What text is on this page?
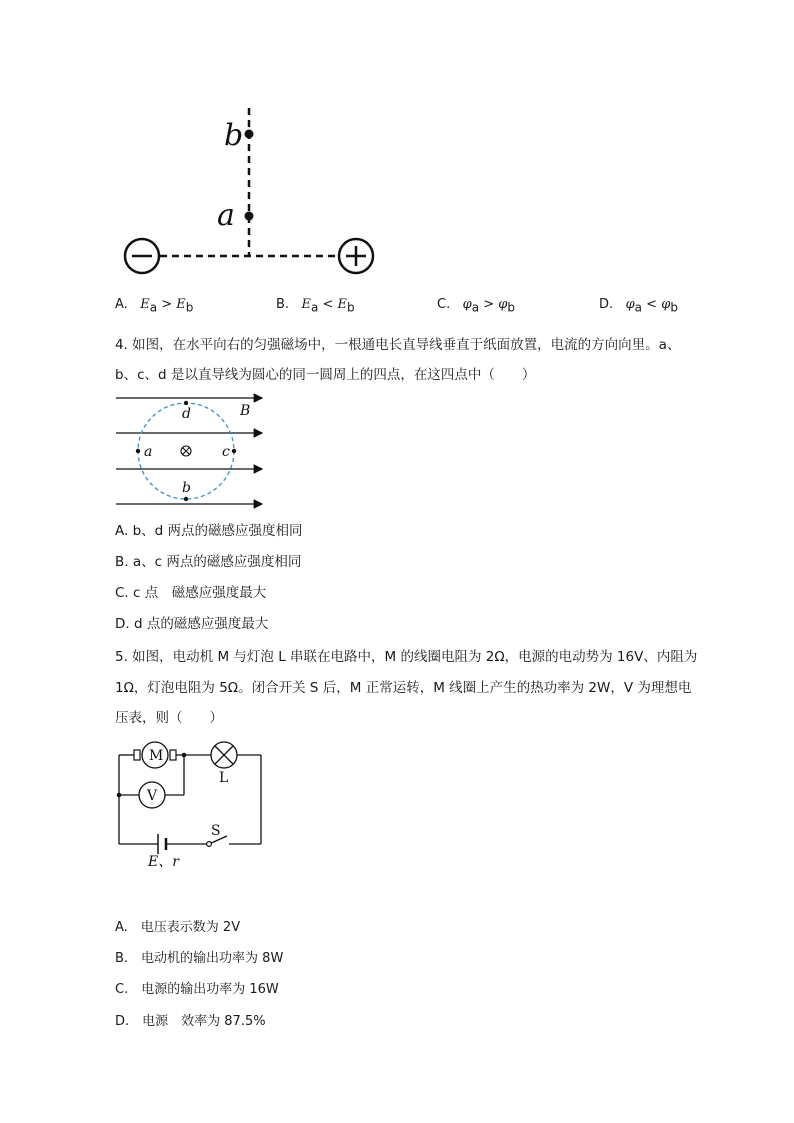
b
a
A. $E_a > E_b$	B. $E_a < E_b$	C. $\varphi_a > \varphi_b$	D. $\varphi_a < \varphi_b$
4. 如图，在水平向右的匀强磁场中，一根通电长直导线垂直于纸面放置，电流的方向向里。a、
b、c、d 是以直导线为圆心的同一圆周上的四点，在这四点中（　　）
d
b
a	c
B
A. b、d 两点的磁感应强度相同
B. a、c 两点的磁感应强度相同
C. c 点　磁感应强度最大
D. d 点的磁感应强度最大
5. 如图，电动机 M 与灯泡 L 串联在电路中，M 的线圈电阻为 2Ω，电源的电动势为 16V、内阻为
1Ω，灯泡电阻为 5Ω。闭合开关 S 后，M 正常运转，M 线圈上产生的热功率为 2W，V 为理想电
压表，则（　　）
M
V
L
E、r
S
A.　电压表示数为 2V
B.　电动机的输出功率为 8W
C.　电源的输出功率为 16W
D.　电源　效率为 87.5%
